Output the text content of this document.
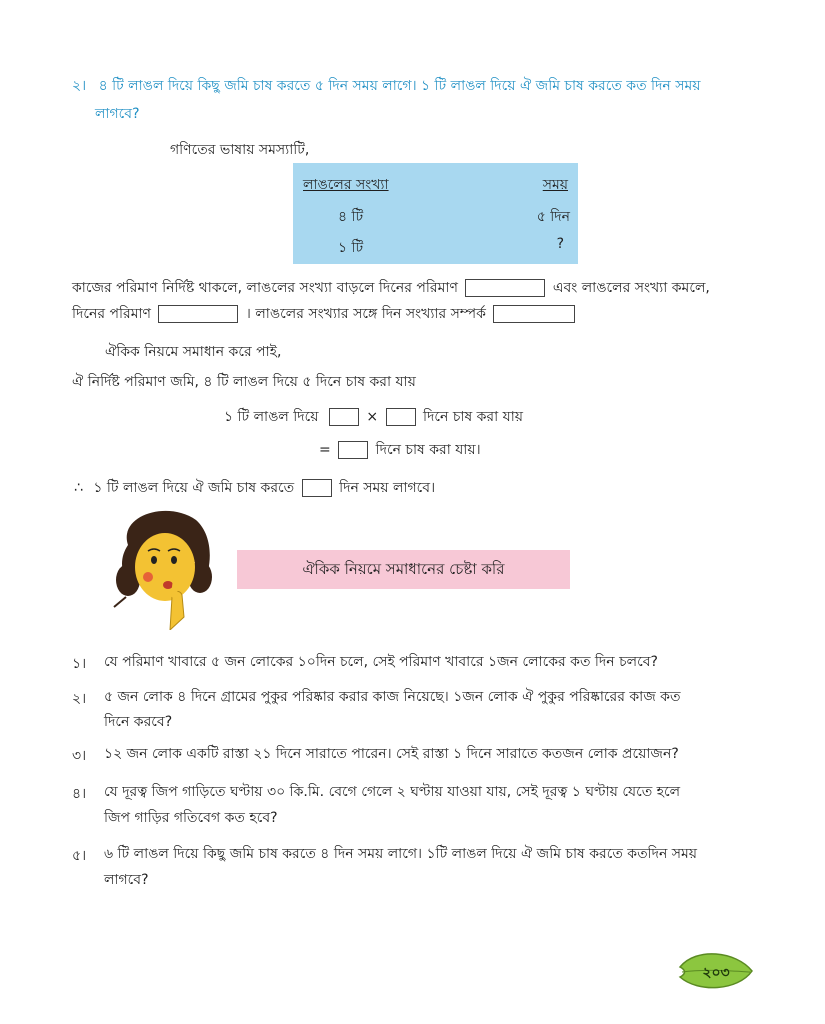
২। ৪ টি লাঙল দিয়ে কিছু জমি চাষ করতে ৫ দিন সময় লাগে। ১ টি লাঙল দিয়ে ঐ জমি চাষ করতে কত দিন সময়
লাগবে?
গণিতের ভাষায় সমস্যাটি,
লাঙলের সংখ্যা	সময়
৪ টি	৫ দিন
১ টি	?
কাজের পরিমাণ নির্দিষ্ট থাকলে, লাঙলের সংখ্যা বাড়লে দিনের পরিমাণ	এবং লাঙলের সংখ্যা কমলে,
দিনের পরিমাণ	। লাঙলের সংখ্যার সঙ্গে দিন সংখ্যার সম্পর্ক
ঐকিক নিয়মে সমাধান করে পাই,
ঐ নির্দিষ্ট পরিমাণ জমি, ৪ টি লাঙল দিয়ে ৫ দিনে চাষ করা যায়
১ টি লাঙল দিয়ে	×	দিনে চাষ করা যায়
=	দিনে চাষ করা যায়।
∴ ১ টি লাঙল দিয়ে ঐ জমি চাষ করতে	দিন সময় লাগবে।
ঐকিক নিয়মে সমাধানের চেষ্টা করি
১। যে পরিমাণ খাবারে ৫ জন লোকের ১০দিন চলে, সেই পরিমাণ খাবারে ১জন লোকের কত দিন চলবে?
২। ৫ জন লোক ৪ দিনে গ্রামের পুকুর পরিষ্কার করার কাজ নিয়েছে। ১জন লোক ঐ পুকুর পরিষ্কারের কাজ কত
দিনে করবে?
৩। ১২ জন লোক একটি রাস্তা ২১ দিনে সারাতে পারেন। সেই রাস্তা ১ দিনে সারাতে কতজন লোক প্রয়োজন?
৪। যে দূরত্ব জিপ গাড়িতে ঘণ্টায় ৩০ কি.মি. বেগে গেলে ২ ঘণ্টায় যাওয়া যায়, সেই দূরত্ব ১ ঘণ্টায় যেতে হলে
জিপ গাড়ির গতিবেগ কত হবে?
৫। ৬ টি লাঙল দিয়ে কিছু জমি চাষ করতে ৪ দিন সময় লাগে। ১টি লাঙল দিয়ে ঐ জমি চাষ করতে কতদিন সময়
লাগবে?
২০৩
